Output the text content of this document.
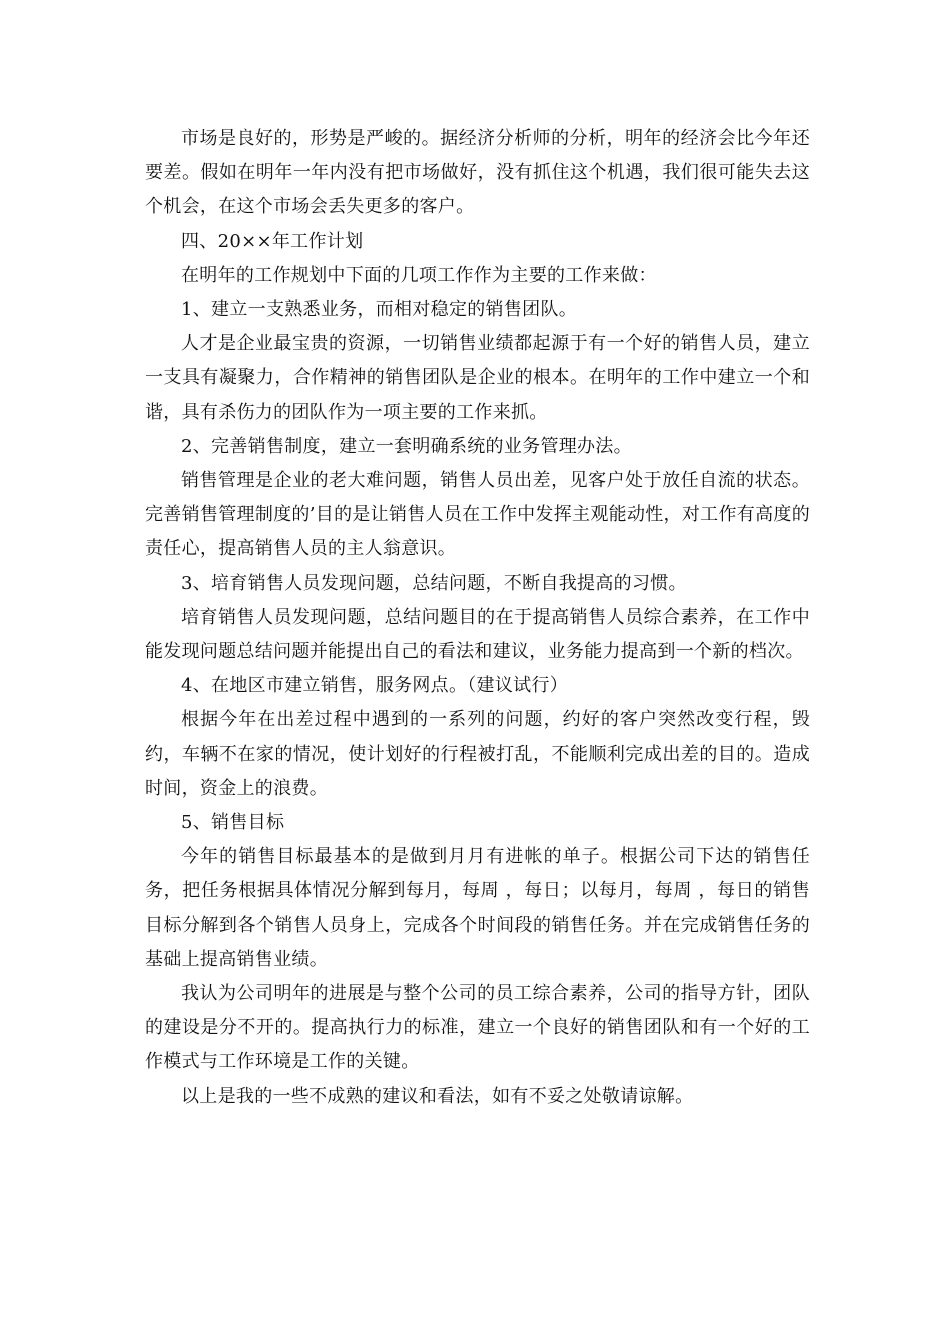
市场是良好的，形势是严峻的。据经济分析师的分析，明年的经济会比今年还要差。假如在明年一年内没有把市场做好，没有抓住这个机遇，我们很可能失去这个机会，在这个市场会丢失更多的客户。

四、20××年工作计划

在明年的工作规划中下面的几项工作作为主要的工作来做：

1、建立一支熟悉业务，而相对稳定的销售团队。

人才是企业最宝贵的资源，一切销售业绩都起源于有一个好的销售人员，建立一支具有凝聚力，合作精神的销售团队是企业的根本。在明年的工作中建立一个和谐，具有杀伤力的团队作为一项主要的工作来抓。

2、完善销售制度，建立一套明确系统的业务管理办法。

销售管理是企业的老大难问题，销售人员出差，见客户处于放任自流的状态。完善销售管理制度的’目的是让销售人员在工作中发挥主观能动性，对工作有高度的责任心，提高销售人员的主人翁意识。

3、培育销售人员发现问题，总结问题，不断自我提高的习惯。

培育销售人员发现问题，总结问题目的在于提高销售人员综合素养，在工作中能发现问题总结问题并能提出自己的看法和建议，业务能力提高到一个新的档次。

4、在地区市建立销售，服务网点。（建议试行）

根据今年在出差过程中遇到的一系列的问题，约好的客户突然改变行程，毁约，车辆不在家的情况，使计划好的行程被打乱，不能顺利完成出差的目的。造成时间，资金上的浪费。

5、销售目标

今年的销售目标最基本的是做到月月有进帐的单子。根据公司下达的销售任务，把任务根据具体情况分解到每月，每周 ，每日；以每月，每周 ，每日的销售目标分解到各个销售人员身上，完成各个时间段的销售任务。并在完成销售任务的基础上提高销售业绩。

我认为公司明年的进展是与整个公司的员工综合素养，公司的指导方针，团队的建设是分不开的。提高执行力的标准，建立一个良好的销售团队和有一个好的工作模式与工作环境是工作的关键。

以上是我的一些不成熟的建议和看法，如有不妥之处敬请谅解。
